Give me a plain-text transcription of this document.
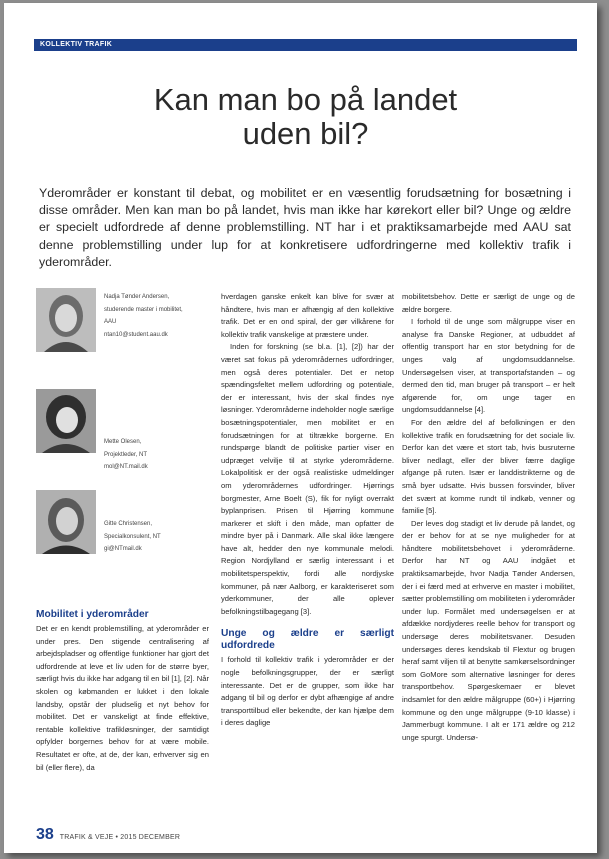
KOLLEKTIV TRAFIK
Kan man bo på landet
uden bil?

Yderområder er konstant til debat, og mobilitet er en væsentlig forudsætning for bosætning i disse områder. Men kan man bo på landet, hvis man ikke har kørekort eller bil? Unge og ældre er specielt udfordrede af denne problemstilling. NT har i et praktiksamarbejde med AAU sat denne problemstilling under lup for at konkretisere udfordringerne med kollektiv trafik i yderområder.

Nadja Tønder Andersen,
studerende master i mobilitet,
AAU
ntan10@student.aau.dk
Mette Olesen,
Projektleder, NT
mol@NT.mail.dk
Gitte Christensen,
Specialkonsulent, NT
gi@NTmail.dk
Mobilitet i yderområder

Det er en kendt problemstilling, at yderområder er under pres. Den stigende centralisering af arbejdspladser og offentlige funktioner har gjort det udfordrende at leve et liv uden for de større byer, særligt hvis du ikke har adgang til en bil [1], [2]. Når skolen og købmanden er lukket i den lokale landsby, opstår der pludselig et nyt behov for mobilitet. Det er vanskeligt at finde effektive, rentable kollektive trafikløsninger, der samtidigt opfylder borgernes behov for at være mobile. Resultatet er ofte, at de, der kan, erhverver sig en bil (eller flere), da

hverdagen ganske enkelt kan blive for svær at håndtere, hvis man er afhængig af den kollektive trafik. Det er en ond spiral, der gør vilkårene for kollektiv trafik vanskelige at præstere under.

Inden for forskning (se bl.a. [1], [2]) har der været sat fokus på yderområdernes udfordringer, men også deres potentialer. Det er netop spændingsfeltet mellem udfordring og potentiale, der er interessant, hvis der skal findes nye løsninger. Yderområderne indeholder nogle særlige bosætningspotentialer, men mobilitet er en forudsætningen for at tiltrække borgerne. En rundspørge blandt de politiske partier viser en udpræget velvilje til at styrke yderområderne. Lokalpolitisk er der også realistiske udmeldinger om yderområdernes udfordringer. Hjørrings borgmester, Arne Boelt (S), fik for nyligt overrakt byplanprisen. Prisen til Hjørring kommune markerer et skift i den måde, man opfatter de mindre byer på i Danmark. Alle skal ikke længere have alt, hedder den nye kommunale melodi. Region Nordjylland er særlig interessant i et mobilitetsperspektiv, fordi alle nordjyske kommuner, på nær Aalborg, er karakteriseret som yderkommuner, der alle oplever befolkningstilbagegang [3].

Unge og ældre er særligt udfordrede

I forhold til kollektiv trafik i yderområder er der nogle befolkningsgrupper, der er særligt interessante. Det er de grupper, som ikke har adgang til bil og derfor er dybt afhængige af andre transporttilbud eller bekendte, der kan hjælpe dem i deres daglige

mobilitetsbehov. Dette er særligt de unge og de ældre borgere.

I forhold til de unge som målgruppe viser en analyse fra Danske Regioner, at udbuddet af offentlig transport har en stor betydning for de unges valg af ungdomsuddannelse. Undersøgelsen viser, at transportafstanden – og dermed den tid, man bruger på transport – er helt afgørende for, om unge tager en ungdomsuddannelse [4].

For den ældre del af befolkningen er den kollektive trafik en forudsætning for det sociale liv. Derfor kan det være et stort tab, hvis busruterne bliver nedlagt, eller der bliver færre daglige afgange på ruten. Især er landdistrikterne og de små byer udsatte. Hvis bussen forsvinder, bliver det svært at komme rundt til indkøb, venner og familie [5].

Der leves dog stadigt et liv derude på landet, og der er behov for at se nye muligheder for at håndtere mobilitetsbehovet i yderområderne. Derfor har NT og AAU indgået et praktiksamarbejde, hvor Nadja Tønder Andersen, der i ei færd med at erhverve en master i mobilitet, sætter problemstilling om mobiliteten i yderområder under lup. Formålet med undersøgelsen er at afdække nordjyderes reelle behov for transport og undersøge deres mobilitetsvaner. Desuden undersøges deres kendskab til Flextur og brugen heraf samt viljen til at benytte samkørselsordninger som GoMore som alternative løsninger for deres transportbehov. Spørgeskemaer er blevet indsamlet for den ældre målgruppe (60+) i Hjørring kommune og den unge målgruppe (9-10 klasse) i Jammerbugt kommune. I alt er 171 ældre og 212 unge spurgt. Undersø-

38 TRAFIK & VEJE • 2015 DECEMBER
